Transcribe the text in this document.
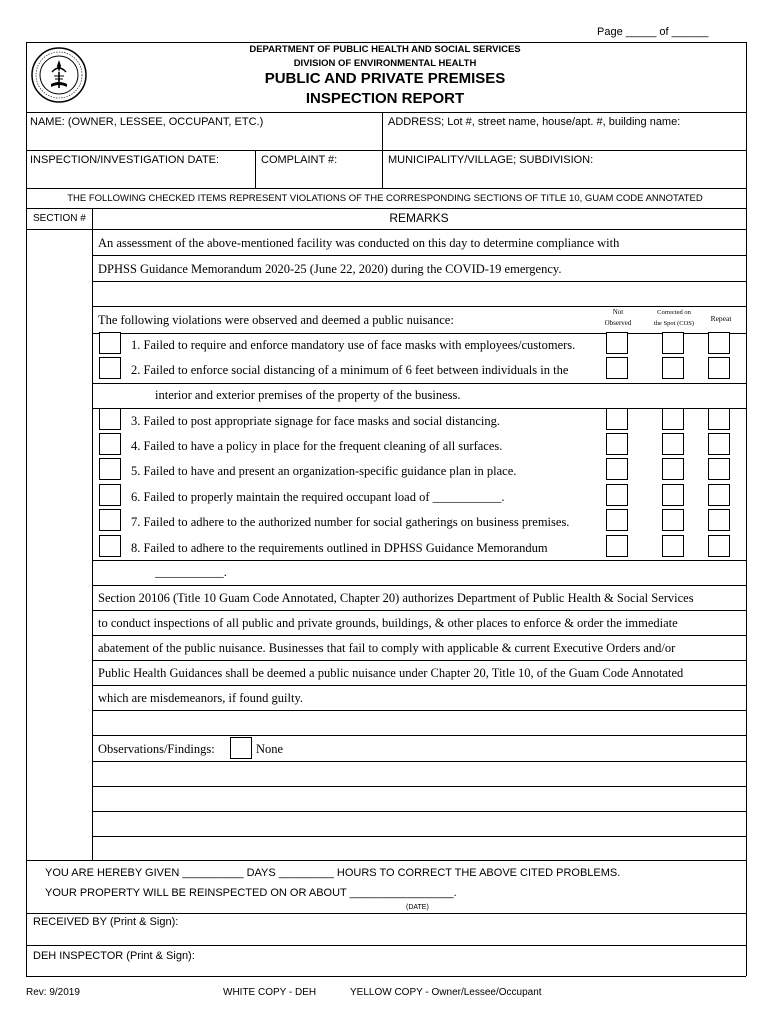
Page _____ of ______
DEPARTMENT OF PUBLIC HEALTH AND SOCIAL SERVICES
DIVISION OF ENVIRONMENTAL HEALTH
PUBLIC AND PRIVATE PREMISES
INSPECTION REPORT
NAME: (OWNER, LESSEE, OCCUPANT, ETC.)	ADDRESS; Lot #, street name, house/apt. #, building name:
INSPECTION/INVESTIGATION DATE:	COMPLAINT #:	MUNICIPALITY/VILLAGE; SUBDIVISION:
THE FOLLOWING CHECKED ITEMS REPRESENT VIOLATIONS OF THE CORRESPONDING SECTIONS OF TITLE 10, GUAM CODE ANNOTATED
SECTION #	REMARKS
An assessment of the above-mentioned facility was conducted on this day to determine compliance with
DPHSS Guidance Memorandum 2020-25 (June 22, 2020) during the COVID-19 emergency.
The following violations were observed and deemed a public nuisance:
Not
Observed
Corrected on
the Spot (COS)
Repeat
1. Failed to require and enforce mandatory use of face masks with employees/customers.
2. Failed to enforce social distancing of a minimum of 6 feet between individuals in the
interior and exterior premises of the property of the business.
3. Failed to post appropriate signage for face masks and social distancing.
4. Failed to have a policy in place for the frequent cleaning of all surfaces.
5. Failed to have and present an organization-specific guidance plan in place.
6. Failed to properly maintain the required occupant load of ___________.
7. Failed to adhere to the authorized number for social gatherings on business premises.
8. Failed to adhere to the requirements outlined in DPHSS Guidance Memorandum
___________.
Section 20106 (Title 10 Guam Code Annotated, Chapter 20) authorizes Department of Public Health & Social Services
to conduct inspections of all public and private grounds, buildings, & other places to enforce & order the immediate
abatement of the public nuisance. Businesses that fail to comply with applicable & current Executive Orders and/or
Public Health Guidances shall be deemed a public nuisance under Chapter 20, Title 10, of the Guam Code Annotated
which are misdemeanors, if found guilty.
Observations/Findings:	None
YOU ARE HEREBY GIVEN __________ DAYS _________ HOURS TO CORRECT THE ABOVE CITED PROBLEMS.
YOUR PROPERTY WILL BE REINSPECTED ON OR ABOUT _________________.
(DATE)
RECEIVED BY (Print & Sign):
DEH INSPECTOR (Print & Sign):
Rev: 9/2019	WHITE COPY - DEH	YELLOW COPY - Owner/Lessee/Occupant
